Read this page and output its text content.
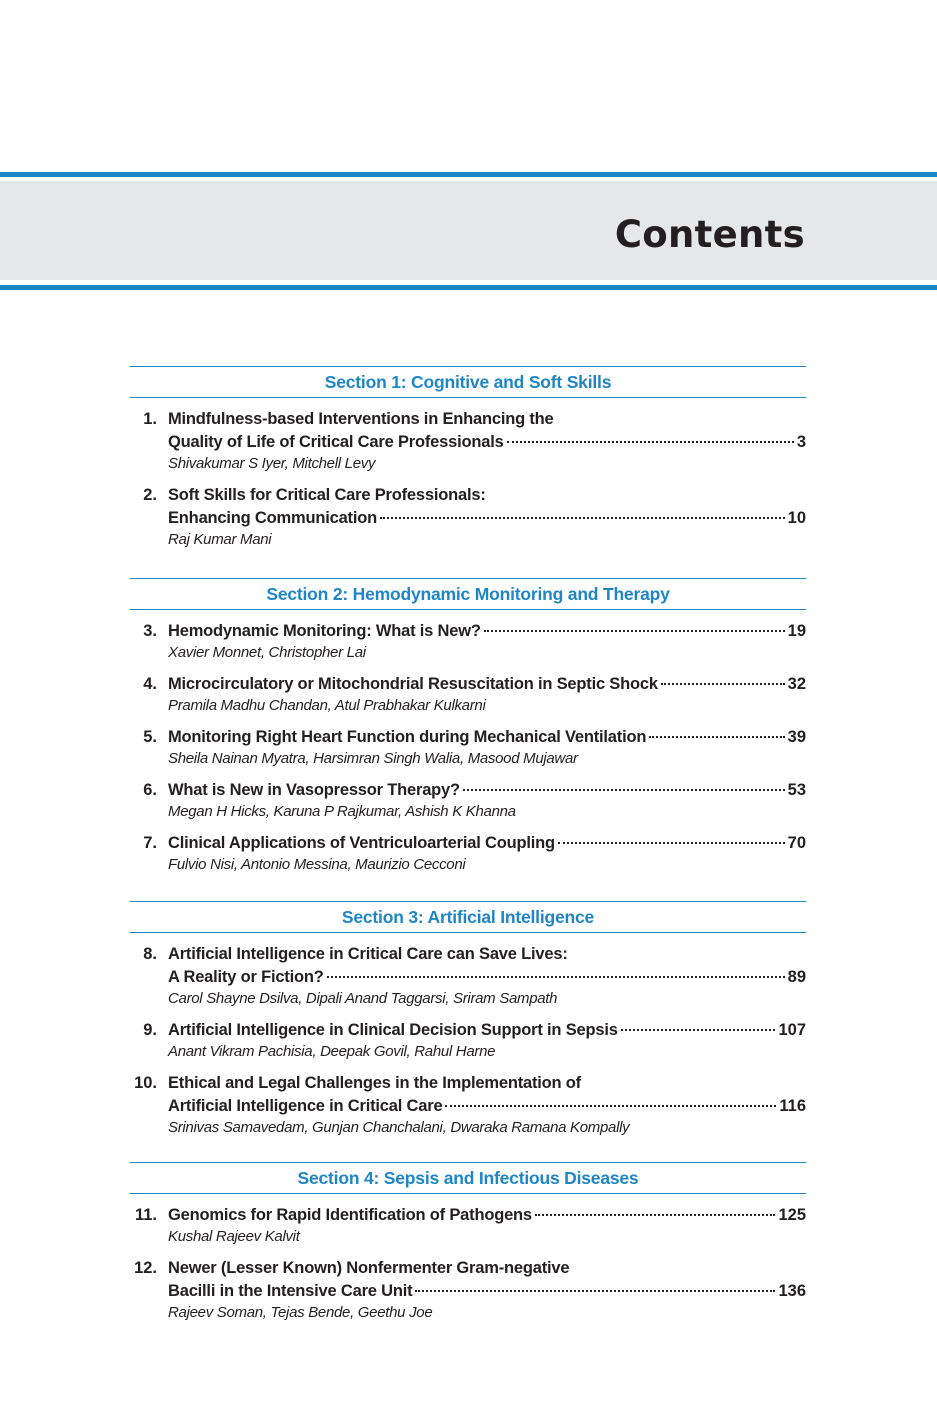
Contents
Section 1: Cognitive and Soft Skills
1. Mindfulness-based Interventions in Enhancing the
Quality of Life of Critical Care Professionals	3
Shivakumar S Iyer, Mitchell Levy
2. Soft Skills for Critical Care Professionals:
Enhancing Communication	10
Raj Kumar Mani
Section 2: Hemodynamic Monitoring and Therapy
3. Hemodynamic Monitoring: What is New?	19
Xavier Monnet, Christopher Lai
4. Microcirculatory or Mitochondrial Resuscitation in Septic Shock	32
Pramila Madhu Chandan, Atul Prabhakar Kulkarni
5. Monitoring Right Heart Function during Mechanical Ventilation	39
Sheila Nainan Myatra, Harsimran Singh Walia, Masood Mujawar
6. What is New in Vasopressor Therapy?	53
Megan H Hicks, Karuna P Rajkumar, Ashish K Khanna
7. Clinical Applications of Ventriculoarterial Coupling	70
Fulvio Nisi, Antonio Messina, Maurizio Cecconi
Section 3: Artificial Intelligence
8. Artificial Intelligence in Critical Care can Save Lives:
A Reality or Fiction?	89
Carol Shayne Dsilva, Dipali Anand Taggarsi, Sriram Sampath
9. Artificial Intelligence in Clinical Decision Support in Sepsis	107
Anant Vikram Pachisia, Deepak Govil, Rahul Harne
10. Ethical and Legal Challenges in the Implementation of
Artificial Intelligence in Critical Care	116
Srinivas Samavedam, Gunjan Chanchalani, Dwaraka Ramana Kompally
Section 4: Sepsis and Infectious Diseases
11. Genomics for Rapid Identification of Pathogens	125
Kushal Rajeev Kalvit
12. Newer (Lesser Known) Nonfermenter Gram-negative
Bacilli in the Intensive Care Unit	136
Rajeev Soman, Tejas Bende, Geethu Joe
